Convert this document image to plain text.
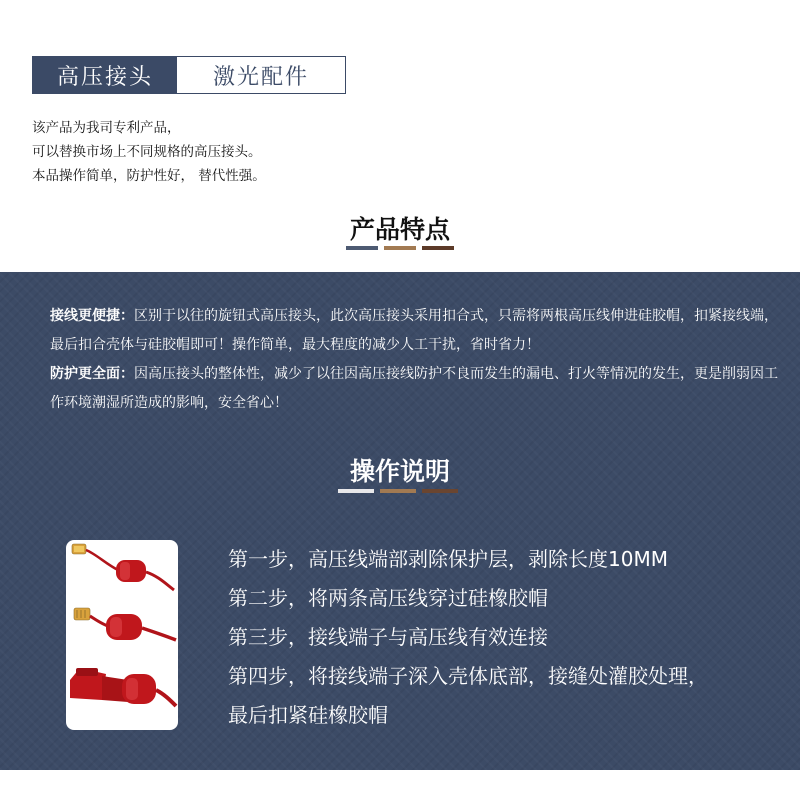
高压接头	激光配件

该产品为我司专利产品，

可以替换市场上不同规格的高压接头。

本品操作简单，防护性好， 替代性强。

产品特点

接线更便捷：区别于以往的旋钮式高压接头，此次高压接头采用扣合式，只需将两根高压线伸进硅胶帽，扣紧接线端，最后扣合壳体与硅胶帽即可！操作简单，最大程度的减少人工干扰，省时省力！

防护更全面：因高压接头的整体性，减少了以往因高压接线防护不良而发生的漏电、打火等情况的发生，更是削弱因工作环境潮湿所造成的影响，安全省心！

操作说明

第一步，高压线端部剥除保护层，剥除长度10MM

第二步，将两条高压线穿过硅橡胶帽

第三步，接线端子与高压线有效连接

第四步，将接线端子深入壳体底部，接缝处灌胶处理，

最后扣紧硅橡胶帽
